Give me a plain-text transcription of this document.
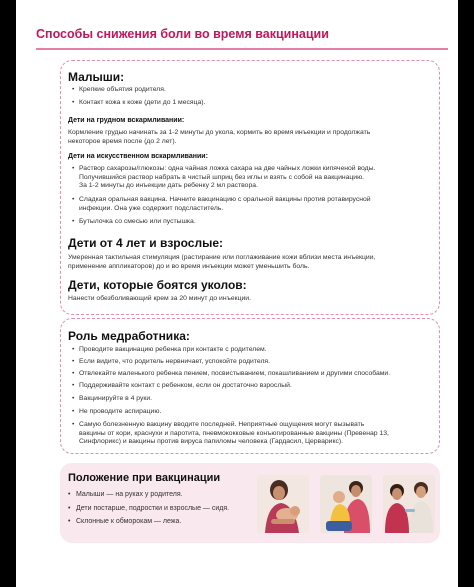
Способы снижения боли во время вакцинации
Малыши:
• Крепкие объятия родителя.
• Контакт кожа к коже (дети до 1 месяца).
Дети на грудном вскармливании:
Кормление грудью начинать за 1-2 минуты до укола, кормить во время инъекции и продолжать
некоторое время после (до 2 лет).
Дети на искусственном вскармливании:
• Раствор сахарозы/глюкозы: одна чайная ложка сахара на две чайных ложки кипяченой воды.
Получившийся раствор набрать в чистый шприц без иглы и взять с собой на вакцинацию.
За 1-2 минуты до инъекции дать ребенку 2 мл раствора.
• Сладкая оральная вакцина. Начните вакцинацию с оральной вакцины против ротавирусной
инфекции. Она уже содержит подсластитель.
• Бутылочка со смесью или пустышка.
Дети от 4 лет и взрослые:
Умеренная тактильная стимуляция (растирание или поглаживание кожи вблизи места инъекции,
применение аппликаторов) до и во время инъекции может уменьшить боль.
Дети, которые боятся уколов:
Нанести обезболивающий крем за 20 минут до инъекции.
Роль медработника:
• Проводите вакцинацию ребенка при контакте с родителем.
• Если видите, что родитель нервничает, успокойте родителя.
• Отвлекайте маленького ребенка пением, посвистыванием, покашливанием и другими способами.
• Поддерживайте контакт с ребенком, если он достаточно взрослый.
• Вакцинируйте в 4 руки.
• Не проводите аспирацию.
• Самую болезненную вакцину вводите последней. Неприятные ощущения могут вызывать
вакцины от кори, краснухи и паротита, пневмококковые конъюгированные вакцины (Превенар 13,
Синфлорикс) и вакцины против вируса папиломы человека (Гардасил, Церварикс).
Положение при вакцинации
• Малыши — на руках у родителя.
• Дети постарше, подростки и взрослые — сидя.
• Склонные к обморокам — лежа.
